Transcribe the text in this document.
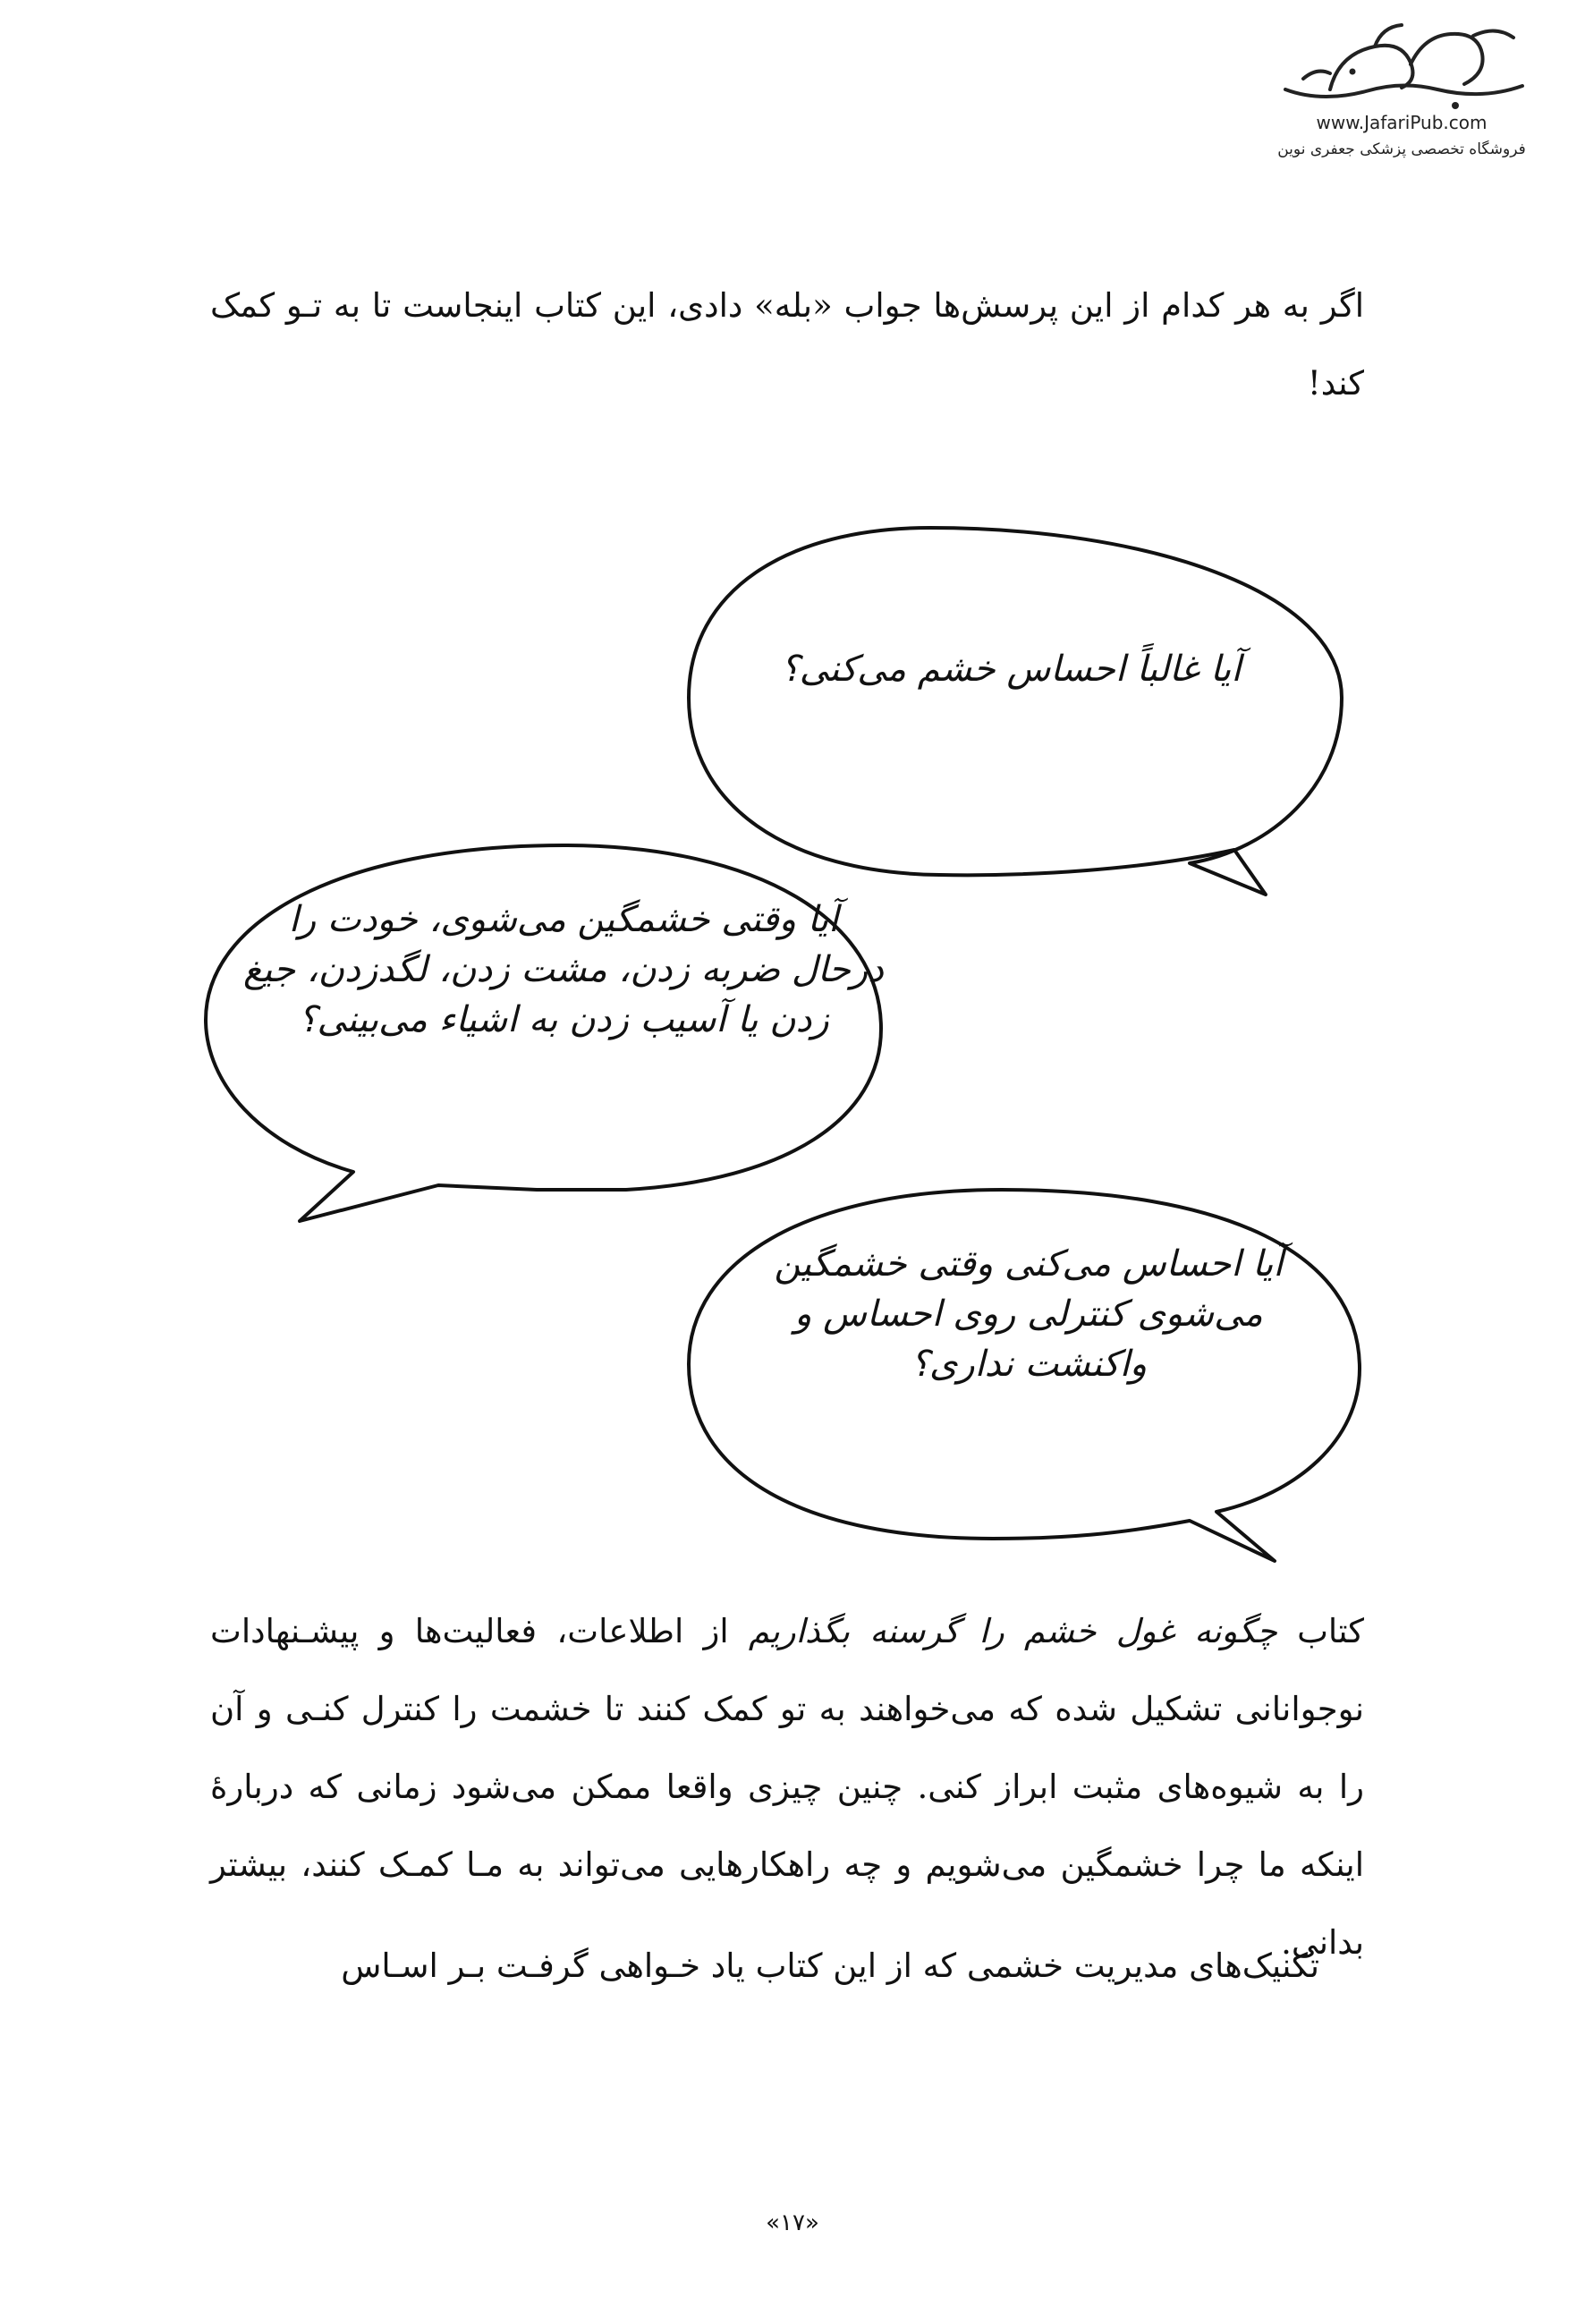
www.JafariPub.com
فروشگاه تخصصی پزشکی جعفری نوین
اگر به هر کدام از این پرسش‌ها جواب «بله» دادی، این کتاب اینجاست تا به تـو کمک کند!
آیا غالباً احساس خشم می‌کنی؟
آیا وقتی خشمگین می‌شوی، خودت را درحال ضربه زدن، مشت زدن، لگدزدن، جیغ زدن یا آسیب زدن به اشیاء می‌بینی؟
آیا احساس می‌کنی وقتی خشمگین می‌شوی کنترلی روی احساس و واکنشت نداری؟
کتاب چگونه غول خشم را گرسنه بگذاریم از اطلاعات، فعالیت‌ها و پیشـنهادات نوجوانانی تشکیل شده که می‌خواهند به تو کمک کنند تا خشمت را کنترل کنـی و آن را به شیوه‌های مثبت ابراز کنی. چنین چیزی واقعا ممکن می‌شود زمانی که دربارۀ اینکه ما چرا خشمگین می‌شویم و چه راهکارهایی می‌تواند به مـا کمـک کنند، بیشتر بدانی.
تکنیک‌های مدیریت خشمی که از این کتاب یاد خـواهی گرفـت بـر اسـاس
«۱۷»
